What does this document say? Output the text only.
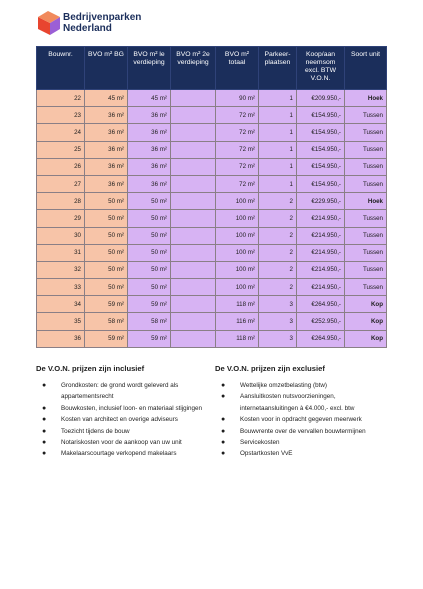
Bedrijvenparken
Nederland
Bouwnr.	BVO m² BG	BVO m² le verdieping	BVO m² 2e verdieping	BVO m² totaal	Parkeer-plaatsen	Koop/aan neemsom excl. BTW V.O.N.	Soort unit
22	45 m²	45 m²		90 m²	1	€209.950,-	Hoek
23	36 m²	36 m²		72 m²	1	€154.950,-	Tussen
24	36 m²	36 m²		72 m²	1	€154.950,-	Tussen
25	36 m²	36 m²		72 m²	1	€154.950,-	Tussen
26	36 m²	36 m²		72 m²	1	€154.950,-	Tussen
27	36 m²	36 m²		72 m²	1	€154.950,-	Tussen
28	50 m²	50 m²		100 m²	2	€229.950,-	Hoek
29	50 m²	50 m²		100 m²	2	€214.950,-	Tussen
30	50 m²	50 m²		100 m²	2	€214.950,-	Tussen
31	50 m²	50 m²		100 m²	2	€214.950,-	Tussen
32	50 m²	50 m²		100 m²	2	€214.950,-	Tussen
33	50 m²	50 m²		100 m²	2	€214.950,-	Tussen
34	59 m²	59 m²		118 m²	3	€264.950,-	Kop
35	58 m²	58 m²		116 m²	3	€252.950,-	Kop
36	59 m²	59 m²		118 m²	3	€264.950,-	Kop
De V.O.N. prijzen zijn inclusief
● Grondkosten: de grond wordt geleverd als appartementsrecht
● Bouwkosten, inclusief loon- en materiaal stijgingen
● Kosten van architect en overige adviseurs
● Toezicht tijdens de bouw
● Notariskosten voor de aankoop van uw unit
● Makelaarscourtage verkopend makelaars
De V.O.N. prijzen zijn exclusief
● Wettelijke omzetbelasting (btw)
● Aansluitkosten nutsvoorzieningen, internetaansluitingen à €4.000,- excl. btw
● Kosten voor in opdracht gegeven meerwerk
● Bouwvrente over de vervallen bouwtermijnen
● Servicekosten
● Opstartkosten VvE
